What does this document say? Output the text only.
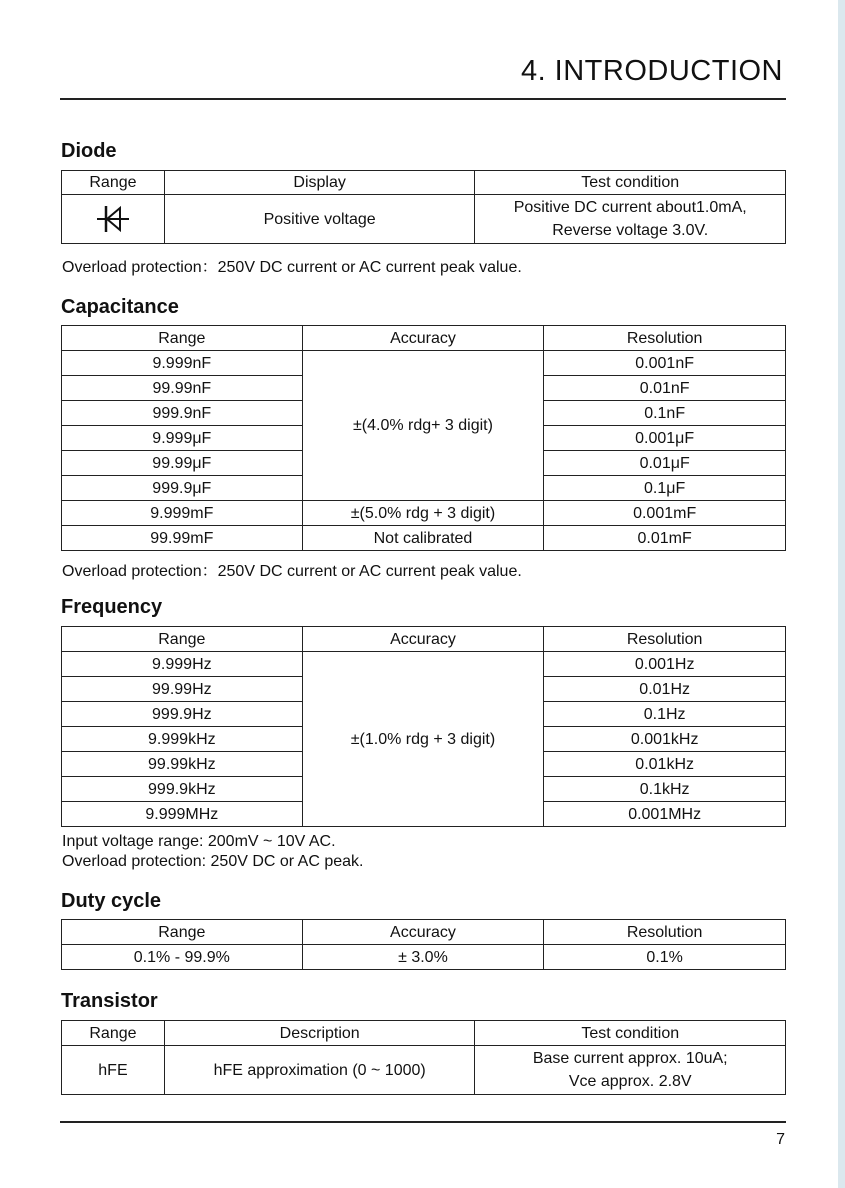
4. INTRODUCTION
Diode
Range	Display	Test condition
	Positive voltage	Positive DC current about1.0mA,
Reverse voltage 3.0V.
Overload protection：250V DC current or AC current peak value.
Capacitance
Range	Accuracy	Resolution
9.999nF	±(4.0% rdg+ 3 digit)	0.001nF
99.99nF		0.01nF
999.9nF		0.1nF
9.999μF		0.001μF
99.99μF		0.01μF
999.9μF		0.1μF
9.999mF	±(5.0% rdg + 3 digit)	0.001mF
99.99mF	Not calibrated	0.01mF
Overload protection：250V DC current or AC current peak value.
Frequency
Range	Accuracy	Resolution
9.999Hz	±(1.0% rdg + 3 digit)	0.001Hz
99.99Hz		0.01Hz
999.9Hz		0.1Hz
9.999kHz		0.001kHz
99.99kHz		0.01kHz
999.9kHz		0.1kHz
9.999MHz		0.001MHz
Input voltage range: 200mV ~ 10V AC.
Overload protection: 250V DC or AC peak.
Duty cycle
Range	Accuracy	Resolution
0.1% - 99.9%	± 3.0%	0.1%
Transistor
Range	Description	Test condition
hFE	hFE approximation (0 ~ 1000)	Base current approx. 10uA;
Vce approx. 2.8V
7
